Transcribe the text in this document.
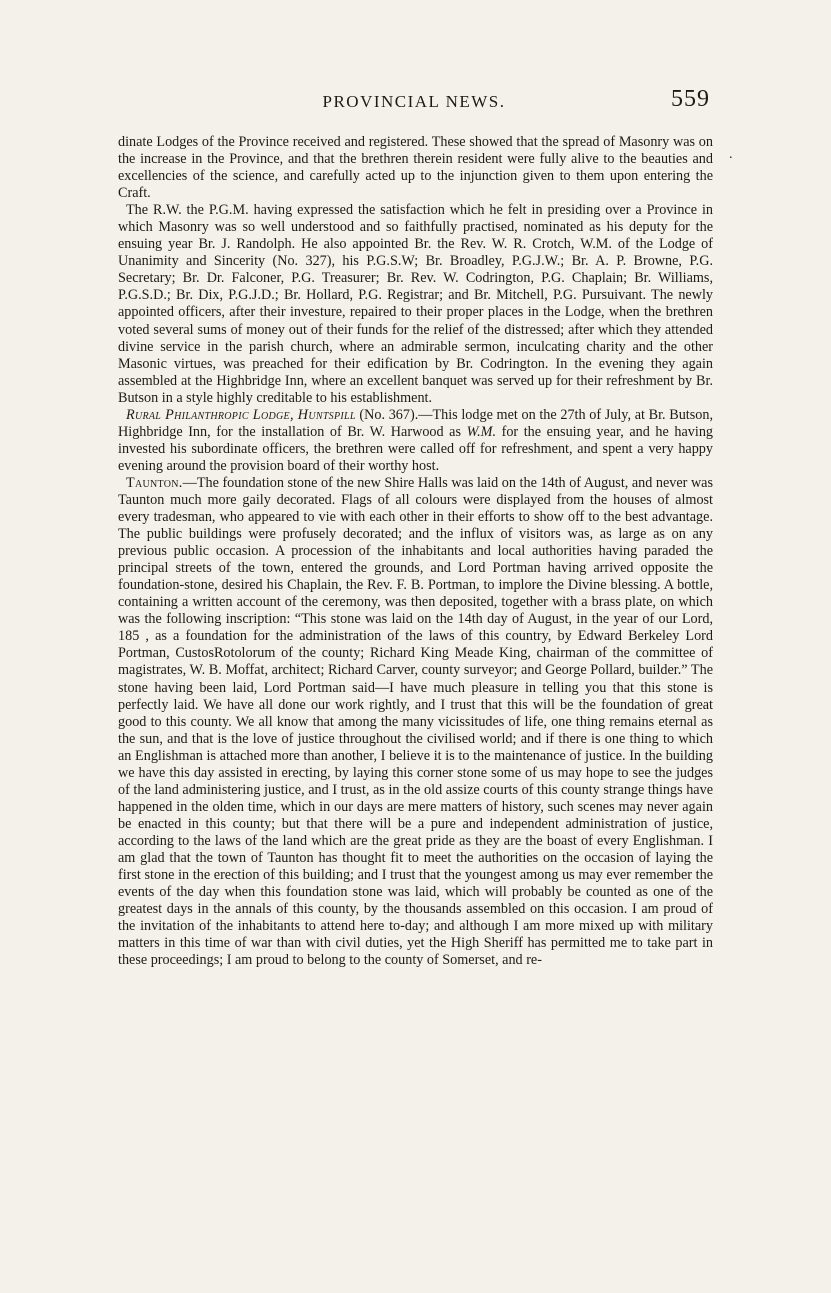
PROVINCIAL NEWS.	559
.

dinate Lodges of the Province received and registered. These showed that the spread of Masonry was on the increase in the Province, and that the brethren therein resident were fully alive to the beauties and excellencies of the science, and carefully acted up to the injunction given to them upon entering the Craft.

The R.W. the P.G.M. having expressed the satisfaction which he felt in presiding over a Province in which Masonry was so well understood and so faithfully practised, nominated as his deputy for the ensuing year Br. J. Randolph. He also appointed Br. the Rev. W. R. Crotch, W.M. of the Lodge of Unanimity and Sincerity (No. 327), his P.G.S.W; Br. Broadley, P.G.J.W.; Br. A. P. Browne, P.G. Secretary; Br. Dr. Falconer, P.G. Treasurer; Br. Rev. W. Codrington, P.G. Chaplain; Br. Williams, P.G.S.D.; Br. Dix, P.G.J.D.; Br. Hollard, P.G. Registrar; and Br. Mitchell, P.G. Pursuivant. The newly appointed officers, after their investure, repaired to their proper places in the Lodge, when the brethren voted several sums of money out of their funds for the relief of the distressed; after which they attended divine service in the parish church, where an admirable sermon, inculcating charity and the other Masonic virtues, was preached for their edification by Br. Codrington. In the evening they again assembled at the Highbridge Inn, where an excellent banquet was served up for their refreshment by Br. Butson in a style highly creditable to his establishment.

Rural Philanthropic Lodge, Huntspill (No. 367).—This lodge met on the 27th of July, at Br. Butson, Highbridge Inn, for the installation of Br. W. Harwood as W.M. for the ensuing year, and he having invested his subordinate officers, the brethren were called off for refreshment, and spent a very happy evening around the provision board of their worthy host.

Taunton.—The foundation stone of the new Shire Halls was laid on the 14th of August, and never was Taunton much more gaily decorated. Flags of all colours were displayed from the houses of almost every tradesman, who appeared to vie with each other in their efforts to show off to the best advantage. The public buildings were profusely decorated; and the influx of visitors was, as large as on any previous public occasion. A procession of the inhabitants and local authorities having paraded the principal streets of the town, entered the grounds, and Lord Portman having arrived opposite the foundation-stone, desired his Chaplain, the Rev. F. B. Portman, to implore the Divine blessing. A bottle, containing a written account of the ceremony, was then deposited, together with a brass plate, on which was the following inscription: “This stone was laid on the 14th day of August, in the year of our Lord, 185 , as a foundation for the administration of the laws of this country, by Edward Berkeley Lord Portman, CustosRotolorum of the county; Richard King Meade King, chairman of the committee of magistrates, W. B. Moffat, architect; Richard Carver, county surveyor; and George Pollard, builder.” The stone having been laid, Lord Portman said—I have much pleasure in telling you that this stone is perfectly laid. We have all done our work rightly, and I trust that this will be the foundation of great good to this county. We all know that among the many vicissitudes of life, one thing remains eternal as the sun, and that is the love of justice throughout the civilised world; and if there is one thing to which an Englishman is attached more than another, I believe it is to the maintenance of justice. In the building we have this day assisted in erecting, by laying this corner stone some of us may hope to see the judges of the land administering justice, and I trust, as in the old assize courts of this county strange things have happened in the olden time, which in our days are mere matters of history, such scenes may never again be enacted in this county; but that there will be a pure and independent administration of justice, according to the laws of the land which are the great pride as they are the boast of every Englishman. I am glad that the town of Taunton has thought fit to meet the authorities on the occasion of laying the first stone in the erection of this building; and I trust that the youngest among us may ever remember the events of the day when this foundation stone was laid, which will probably be counted as one of the greatest days in the annals of this county, by the thousands assembled on this occasion. I am proud of the invitation of the inhabitants to attend here to-day; and although I am more mixed up with military matters in this time of war than with civil duties, yet the High Sheriff has permitted me to take part in these proceedings; I am proud to belong to the county of Somerset, and re-
